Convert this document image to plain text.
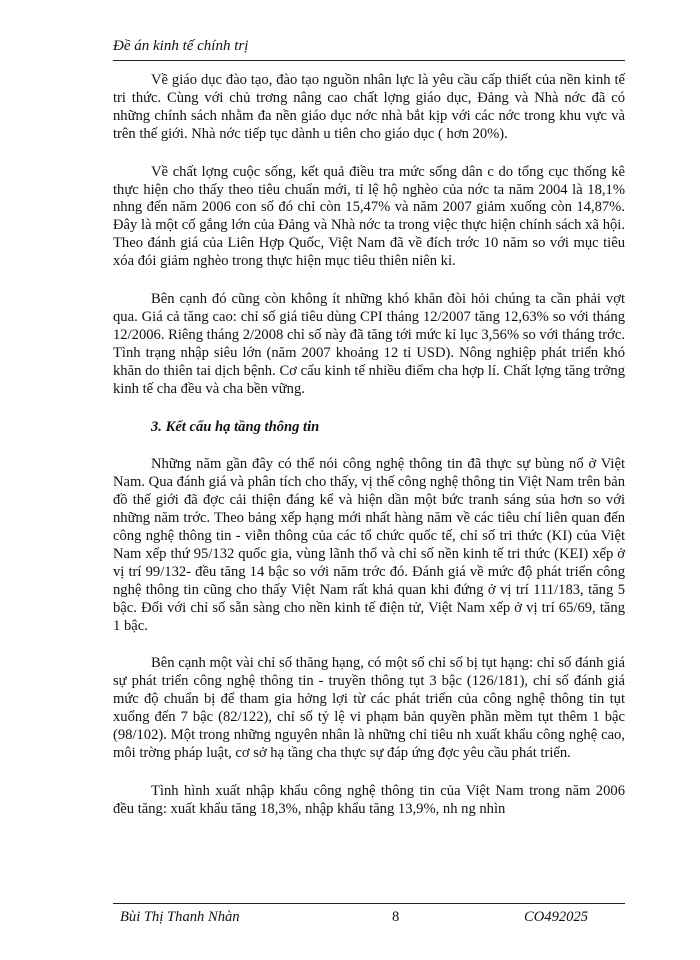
Đề án kinh tế chính trị

Về giáo dục đào tạo, đào tạo nguồn nhân lực là yêu cầu cấp thiết của nền kinh tế tri thức. Cùng với chủ trơng nâng cao chất lợng giáo dục, Đảng và Nhà nớc đã có những chính sách nhằm đa nền giáo dục nớc nhà bắt kịp với các nớc trong khu vực và trên thế giới. Nhà nớc tiếp tục dành u tiên cho giáo dục ( hơn 20%).

Về chất lợng cuộc sống, kết quả điều tra mức sống dân c do tổng cục thống kê thực hiện cho thấy theo tiêu chuẩn mới, tỉ lệ hộ nghèo của nớc ta năm 2004 là 18,1% nhng đến năm 2006 con số đó chỉ còn 15,47% và năm 2007 giảm xuống còn 14,87%. Đây là một cố gắng lớn của Đảng và Nhà nớc ta trong việc thực hiện chính sách xã hội. Theo đánh giá của Liên Hợp Quốc, Việt Nam đã về đích trớc 10 năm so với mục tiêu xóa đói giảm nghèo trong thực hiện mục tiêu thiên niên kỉ.

Bên cạnh đó cũng còn không ít những khó khăn đòi hỏi chúng ta cần phải vợt qua. Giá cả tăng cao: chỉ số giá tiêu dùng CPI tháng 12/2007 tăng 12,63% so với tháng 12/2006. Riêng tháng 2/2008 chỉ số này đã tăng tới mức kỉ lục 3,56% so với tháng trớc. Tình trạng nhập siêu lớn (năm 2007 khoảng 12 tỉ USD). Nông nghiệp phát triển khó khăn do thiên tai dịch bệnh. Cơ cấu kinh tế nhiều điểm cha hợp lí. Chất lợng tăng trởng kinh tế cha đều và cha bền vững.

3. Kết cấu hạ tầng thông tin

Những năm gần đây có thể nói công nghệ thông tin đã thực sự bùng nổ ở Việt Nam. Qua đánh giá và phân tích cho thấy, vị thế công nghệ thông tin Việt Nam trên bản đồ thế giới đã đợc cải thiện đáng kể và hiện dần một bức tranh sáng sủa hơn so với những năm trớc. Theo bảng xếp hạng mới nhất hàng năm về các tiêu chí liên quan đến công nghệ thông tin - viễn thông của các tổ chức quốc tế, chỉ số tri thức (KI) của Việt Nam xếp thứ 95/132 quốc gia, vùng lãnh thổ và chỉ số nền kinh tế tri thức (KEI) xếp ở vị trí 99/132- đều tăng 14 bậc so với năm trớc đó. Đánh giá về mức độ phát triển công nghệ thông tin cũng cho thấy Việt Nam rất khả quan khi đứng ở vị trí 111/183, tăng 5 bậc. Đối với chỉ số sẵn sàng cho nền kinh tế điện tử, Việt Nam xếp ở vị trí 65/69, tăng 1 bậc.

Bên cạnh một vài chỉ số thăng hạng, có một số chỉ số bị tụt hạng: chỉ số đánh giá sự phát triển công nghệ thông tin - truyền thông tụt 3 bậc (126/181), chỉ số đánh giá mức độ chuẩn bị để tham gia hởng lợi từ các phát triển của công nghệ thông tin tụt xuống đến 7 bậc (82/122), chỉ số tỷ lệ vi phạm bản quyền phần mềm tụt thêm 1 bậc (98/102). Một trong những nguyên nhân là những chỉ tiêu nh xuất khẩu công nghệ cao, môi trờng pháp luật, cơ sở hạ tầng cha thực sự đáp ứng đợc yêu cầu phát triển.

Tình hình xuất nhập khẩu công nghệ thông tin của Việt Nam trong năm 2006 đều tăng: xuất khẩu tăng 18,3%, nhập khẩu tăng 13,9%, nh ng nhìn

Bùi Thị Thanh Nhàn	8	CO492025
